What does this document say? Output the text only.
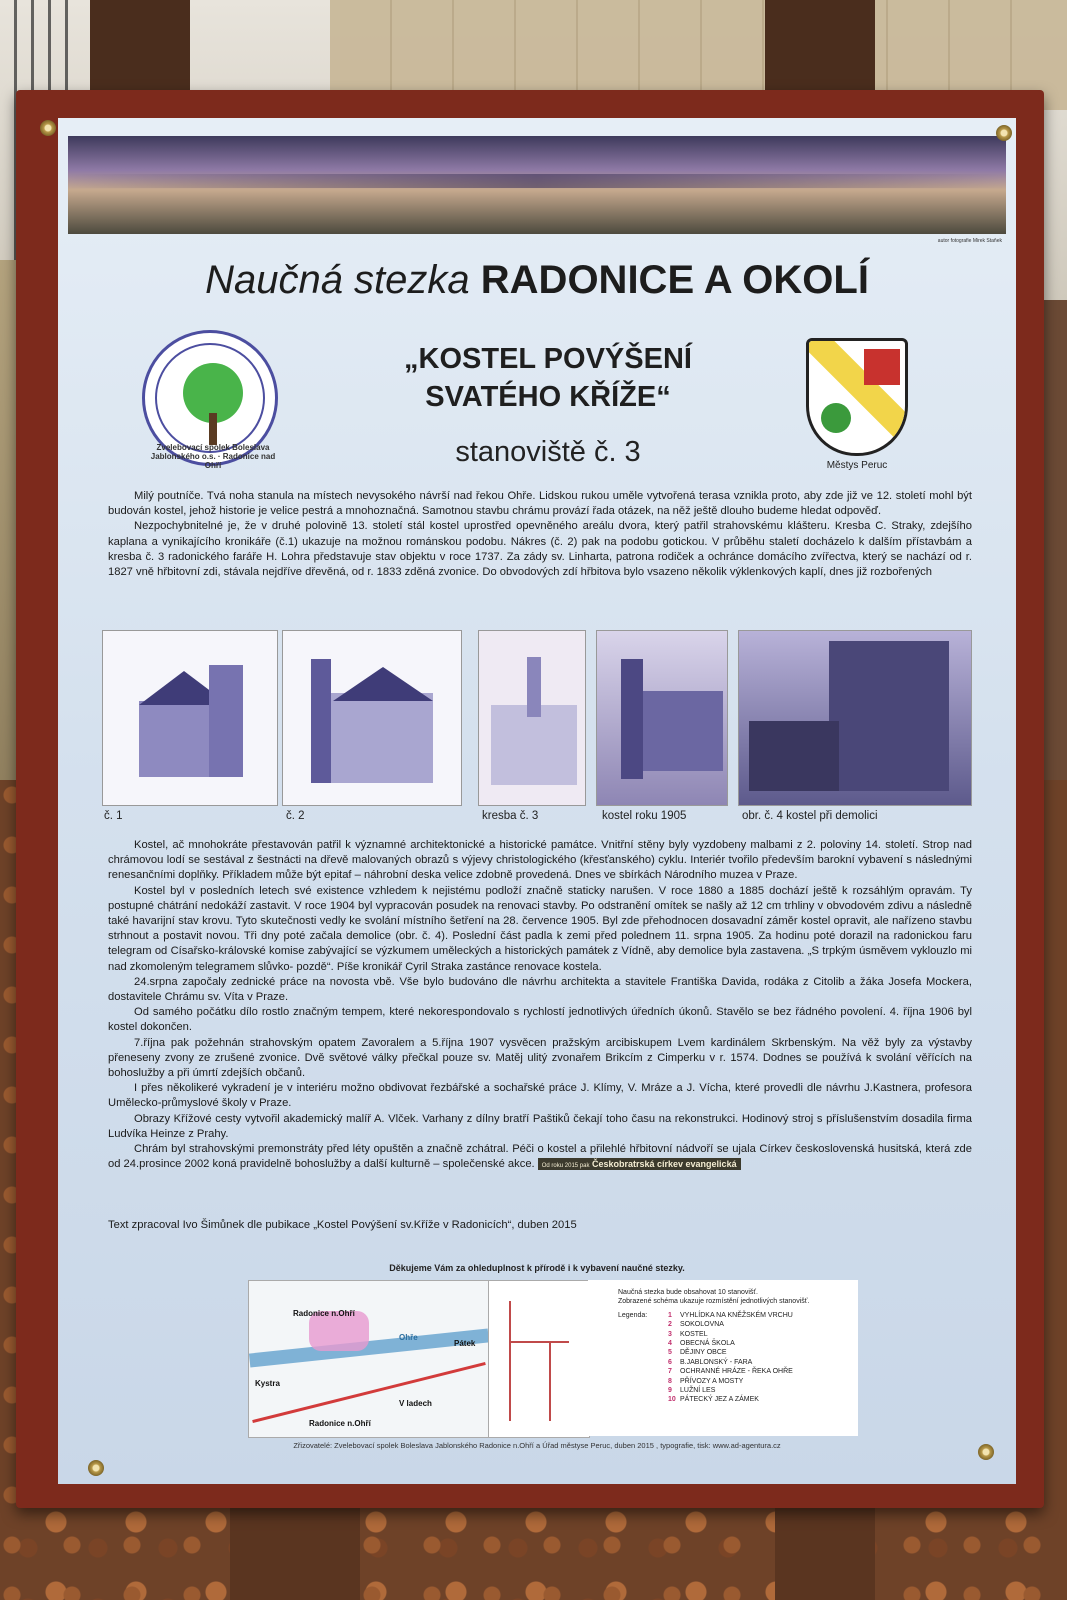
autor fotografie Mirek Staňek
Naučná stezka RADONICE A OKOLÍ
Zvelebovací spolek Boleslava Jablonského o.s. · Radonice nad Ohří
„KOSTEL POVÝŠENÍ
SVATÉHO KŘÍŽE“
stanoviště č. 3	Městys Peruc

Milý poutníče. Tvá noha stanula na místech nevysokého návrší nad řekou Ohře. Lidskou rukou uměle vytvořená terasa vznikla proto, aby zde již ve 12. století mohl být budován kostel, jehož historie je velice pestrá a mnohoznačná. Samotnou stavbu chrámu provází řada otázek, na něž ještě dlouho budeme hledat odpověď.

Nezpochybnitelné je, že v druhé polovině 13. století stál kostel uprostřed opevněného areálu dvora, který patřil strahovskému klášteru. Kresba C. Straky, zdejšího kaplana a vynikajícího kronikáře (č.1) ukazuje na možnou románskou podobu. Nákres (č. 2) pak na podobu gotickou. V průběhu staletí docházelo k dalším přístavbám a kresba č. 3 radonického faráře H. Lohra představuje stav objektu v roce 1737. Za zády sv. Linharta, patrona rodiček a ochránce domácího zvířectva, který se nachází od r. 1827 vně hřbitovní zdi, stávala nejdříve dřevěná, od r. 1833 zděná zvonice. Do obvodových zdí hřbitova bylo vsazeno několik výklenkových kaplí, dnes již rozbořených

č. 1	č. 2	kresba č. 3	kostel roku 1905	obr. č. 4 kostel při demolici

Kostel, ač mnohokráte přestavován patřil k významné architektonické a historické památce. Vnitřní stěny byly vyzdobeny malbami z 2. poloviny 14. století. Strop nad chrámovou lodí se sestával z šestnácti na dřevě malovaných obrazů s výjevy christologického (křesťanského) cyklu. Interiér tvořilo především barokní vybavení s následnými renesančními doplňky. Příkladem může být epitaf – náhrobní deska velice zdobně provedená. Dnes ve sbírkách Národního muzea v Praze.

Kostel byl v posledních letech své existence vzhledem k nejistému podloží značně staticky narušen. V roce 1880 a 1885 dochází ještě k rozsáhlým opravám. Ty postupné chátrání nedokáží zastavit. V roce 1904 byl vypracován posudek na renovaci stavby. Po odstranění omítek se našly až 12 cm trhliny v obvodovém zdivu a následně také havarijní stav krovu. Tyto skutečnosti vedly ke svolání místního šetření na 28. července 1905. Byl zde přehodnocen dosavadní záměr kostel opravit, ale nařízeno stavbu strhnout a postavit novou. Tři dny poté začala demolice (obr. č. 4). Poslední část padla k zemi před polednem 11. srpna 1905. Za hodinu poté dorazil na radonickou faru telegram od Císařsko-královské komise zabývající se výzkumem uměleckých a historických památek z Vídně, aby demolice byla zastavena. „S trpkým úsměvem vyklouzlo mi nad zkomoleným telegramem slůvko- pozdě“. Píše kronikář Cyril Straka zastánce renovace kostela.

24.srpna započaly zednické práce na novosta vbě. Vše bylo budováno dle návrhu architekta a stavitele Františka Davida, rodáka z Citolib a žáka Josefa Mockera, dostavitele Chrámu sv. Víta v Praze.

Od samého počátku dílo rostlo značným tempem, které nekorespondovalo s rychlostí jednotlivých úředních úkonů. Stavělo se bez řádného povolení. 4. října 1906 byl kostel dokončen.

7.října pak požehnán strahovským opatem Zavoralem a 5.října 1907 vysvěcen pražským arcibiskupem Lvem kardinálem Skrbenským. Na věž byly za výstavby přeneseny zvony ze zrušené zvonice. Dvě světové války přečkal pouze sv. Matěj ulitý zvonařem Brikcím z Cimperku v r. 1574. Dodnes se používá k svolání věřících na bohoslužby a při úmrtí zdejších občanů.

I přes několikeré vykradení je v interiéru možno obdivovat řezbářské a sochařské práce J. Klímy, V. Mráze a J. Vícha, které provedli dle návrhu J.Kastnera, profesora Umělecko-průmyslové školy v Praze.

Obrazy Křížové cesty vytvořil akademický malíř A. Vlček. Varhany z dílny bratří Paštiků čekají toho času na rekonstrukci. Hodinový stroj s příslušenstvím dosadila firma Ludvíka Heinze z Prahy.

Chrám byl strahovskými premonstráty před léty opuštěn a značně zchátral. Péči o kostel a přilehlé hřbitovní nádvoří se ujala Církev československá husitská, která zde od 24.prosince 2002 koná pravidelně bohoslužby a další kulturně – společenské akce. Od roku 2015 pak Českobratrská církev evangelická

Text zpracoval Ivo Šimůnek dle pubikace „Kostel Povýšení sv.Kříže v Radonicích“, duben 2015

Děkujeme Vám za ohleduplnost k přírodě i k vybavení naučné stezky.
Radonice n.Ohří
Ohře
Pátek
Kystra
V ladech
Radonice n.Ohří
Naučná stezka bude obsahovat 10 stanovišť.
Zobrazené schéma ukazuje rozmístění jednotlivých stanovišť.
Legenda:	1 VYHLÍDKA NA KNĚŽSKÉM VRCHU
2 SOKOLOVNA
3 KOSTEL
4 OBECNÁ ŠKOLA
5 DĚJINY OBCE
6 B.JABLONSKÝ - FARA
7 OCHRANNÉ HRÁZE - ŘEKA OHŘE
8 PŘÍVOZY A MOSTY
9 LUŽNÍ LES
10 PÁTECKÝ JEZ A ZÁMEK
Zřizovatelé: Zvelebovací spolek Boleslava Jablonského Radonice n.Ohří a Úřad městyse Peruc, duben 2015 , typografie, tisk: www.ad-agentura.cz
